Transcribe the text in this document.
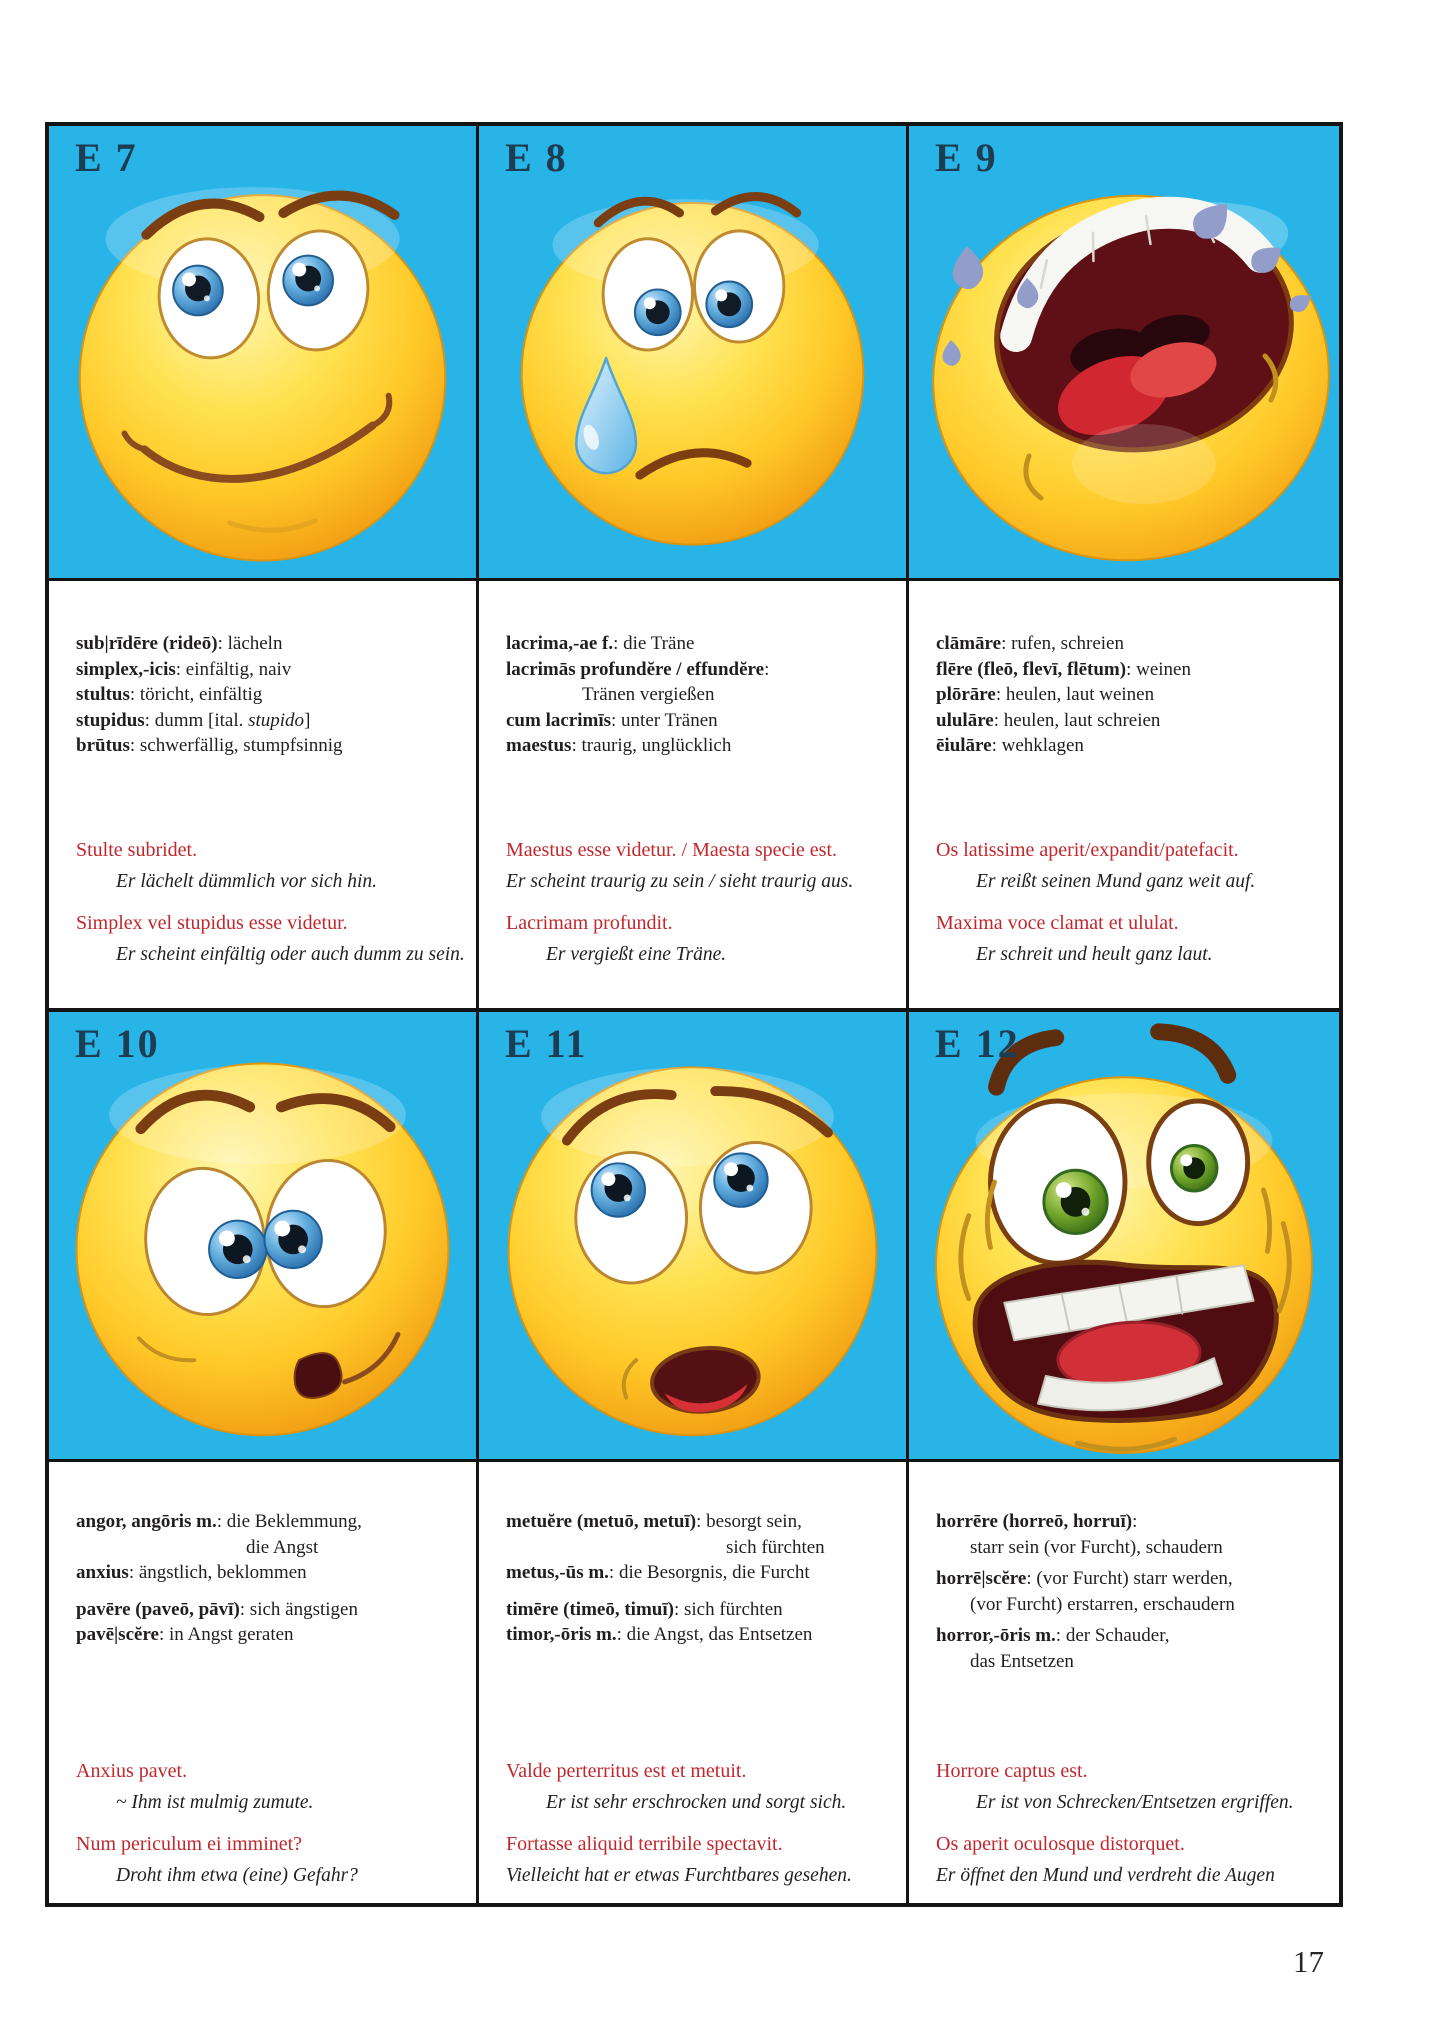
E 7
sub|rīdēre (rideō): lächeln
simplex,-icis: einfältig, naiv
stultus: töricht, einfältig
stupidus: dumm [ital. stupido]
brūtus: schwerfällig, stumpfsinnig
Stulte subridet.
Er lächelt dümmlich vor sich hin.
Simplex vel stupidus esse videtur.
Er scheint einfältig oder auch dumm zu sein.
E 8
lacrima,-ae f.: die Träne
lacrimās profundĕre / effundĕre:
Tränen vergießen
cum lacrimīs: unter Tränen
maestus: traurig, unglücklich
Maestus esse videtur. / Maesta specie est.
Er scheint traurig zu sein / sieht traurig aus.
Lacrimam profundit.
Er vergießt eine Träne.
E 9
clāmāre: rufen, schreien
flēre (fleō, flevī, flētum): weinen
plōrāre: heulen, laut weinen
ululāre: heulen, laut schreien
ēiulāre: wehklagen
Os latissime aperit/expandit/patefacit.
Er reißt seinen Mund ganz weit auf.
Maxima voce clamat et ululat.
Er schreit und heult ganz laut.
E 10
angor, angōris m.: die Beklemmung,
die Angst
anxius: ängstlich, beklommen
pavēre (paveō, pāvī): sich ängstigen
pavē|scĕre: in Angst geraten
Anxius pavet.
~ Ihm ist mulmig zumute.
Num periculum ei imminet?
Droht ihm etwa (eine) Gefahr?
E 11
metuĕre (metuō, metuī): besorgt sein,
sich fürchten
metus,-ūs m.: die Besorgnis, die Furcht
timēre (timeō, timuī): sich fürchten
timor,-ōris m.: die Angst, das Entsetzen
Valde perterritus est et metuit.
Er ist sehr erschrocken und sorgt sich.
Fortasse aliquid terribile spectavit.
Vielleicht hat er etwas Furchtbares gesehen.
E 12
horrēre (horreō, horruī):
starr sein (vor Furcht), schaudern
horrē|scĕre: (vor Furcht) starr werden,
(vor Furcht) erstarren, erschaudern
horror,-ōris m.: der Schauder,
das Entsetzen
Horrore captus est.
Er ist von Schrecken/Entsetzen ergriffen.
Os aperit oculosque distorquet.
Er öffnet den Mund und verdreht die Augen
17
